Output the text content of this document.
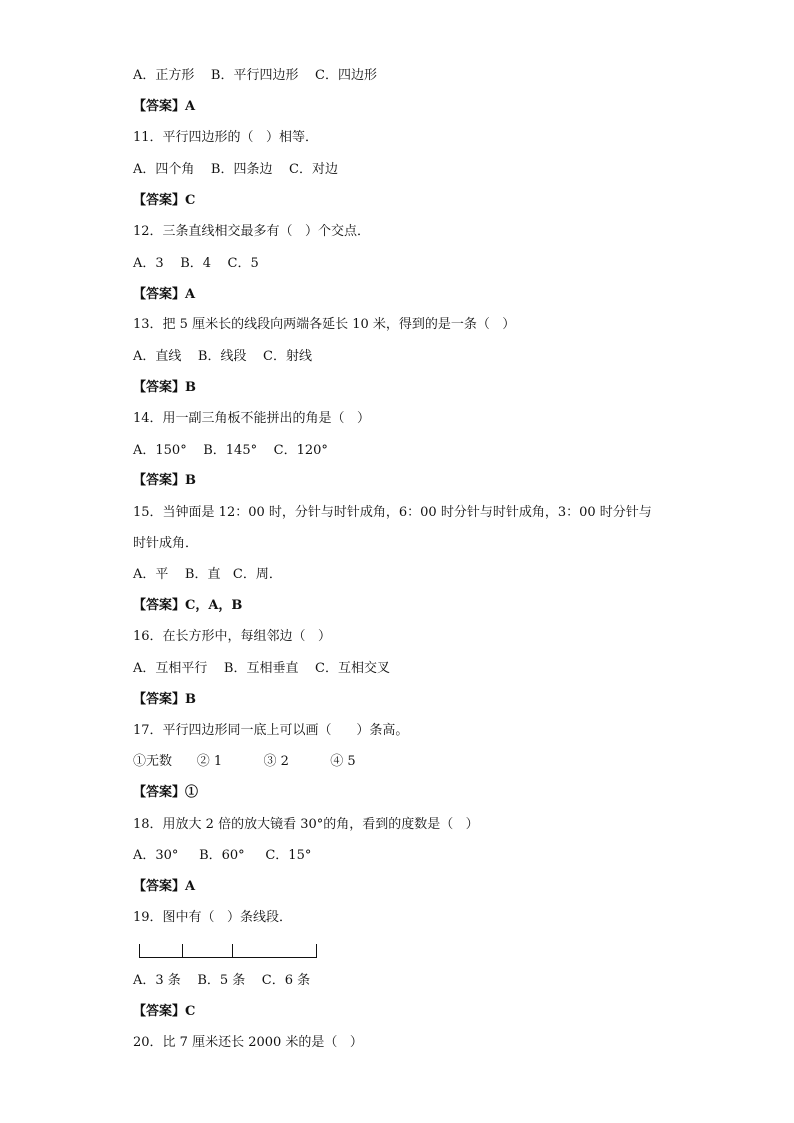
A．正方形    B．平行四边形    C．四边形
【答案】A
11．平行四边形的（   ）相等．
A．四个角    B．四条边    C．对边
【答案】C
12．三条直线相交最多有（   ）个交点．
A．3    B．4    C．5
【答案】A
13．把 5 厘米长的线段向两端各延长 10 米，得到的是一条（   ）
A．直线    B．线段    C．射线
【答案】B
14．用一副三角板不能拼出的角是（   ）
A．150°    B．145°    C．120°
【答案】B
15．当钟面是 12：00 时，分针与时针成角，6：00 时分针与时针成角，3：00 时分针与
时针成角．
A．平    B．直   C．周．
【答案】C，A，B
16．在长方形中，每组邻边（   ）
A．互相平行    B．互相垂直    C．互相交叉
【答案】B
17．平行四边形同一底上可以画（      ）条高。
①无数      ② 1          ③ 2          ④ 5
【答案】①
18．用放大 2 倍的放大镜看 30°的角，看到的度数是（   ）
A．30°     B．60°     C．15°
【答案】A
19．图中有（   ）条线段．
A．3 条    B．5 条    C．6 条
【答案】C
20．比 7 厘米还长 2000 米的是（   ）
